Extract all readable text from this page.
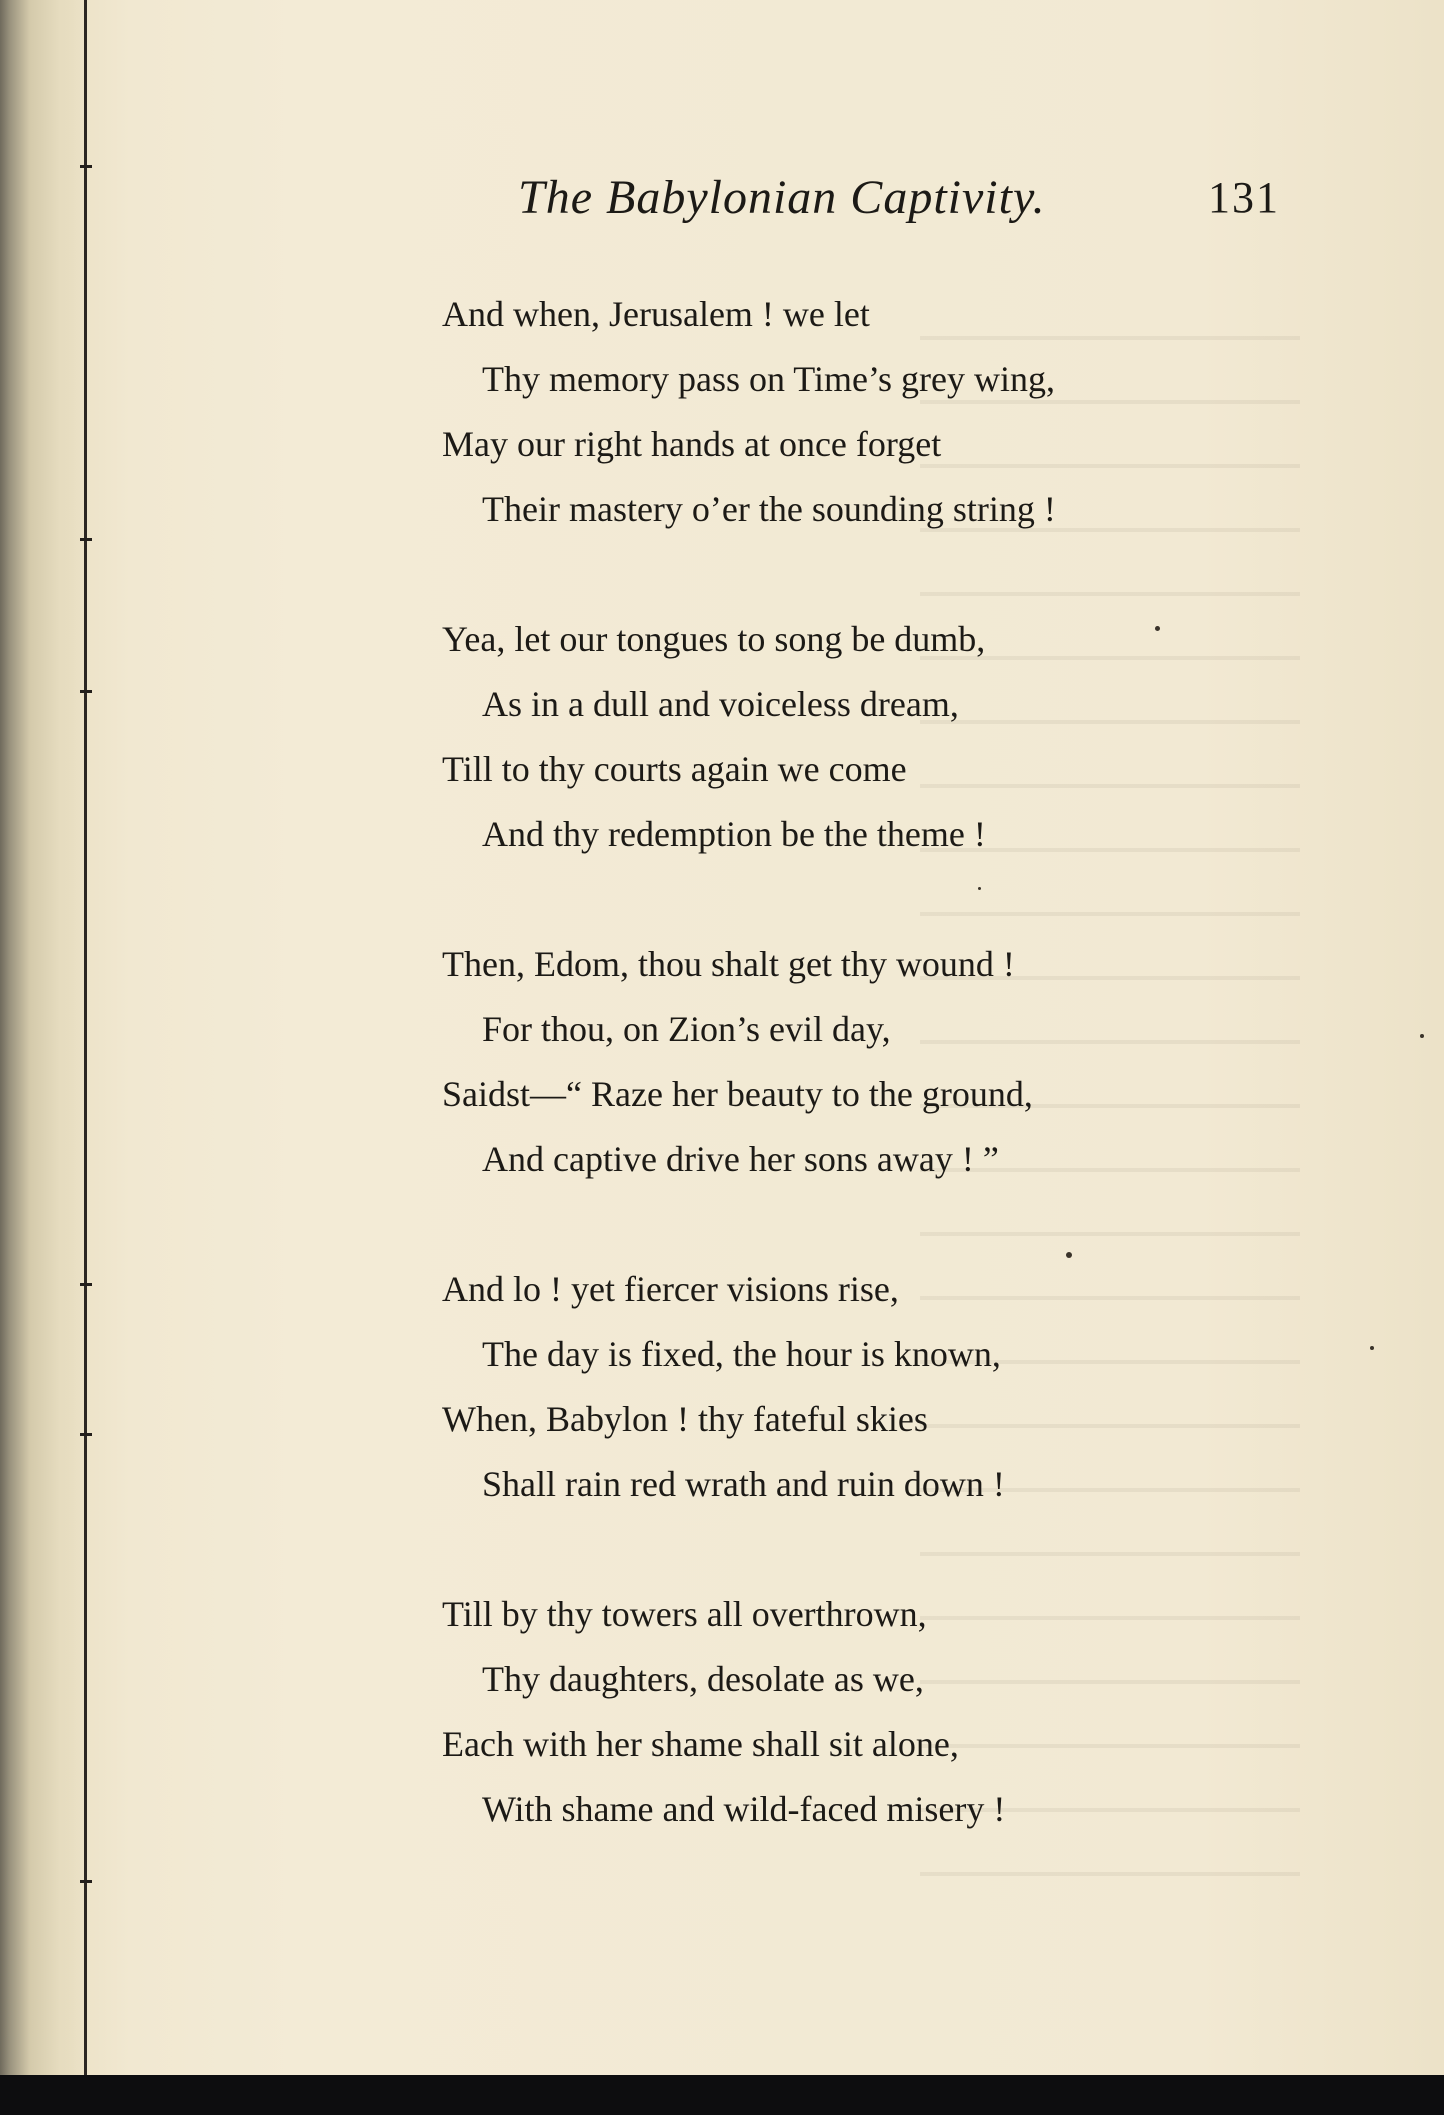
The Babylonian Captivity.	131
And when, Jerusalem ! we let
Thy memory pass on Time’s grey wing,
May our right hands at once forget
Their mastery o’er the sounding string !
Yea, let our tongues to song be dumb,
As in a dull and voiceless dream,
Till to thy courts again we come
And thy redemption be the theme !
Then, Edom, thou shalt get thy wound !
For thou, on Zion’s evil day,
Saidst—“ Raze her beauty to the ground,
And captive drive her sons away ! ”
And lo ! yet fiercer visions rise,
The day is fixed, the hour is known,
When, Babylon ! thy fateful skies
Shall rain red wrath and ruin down !
Till by thy towers all overthrown,
Thy daughters, desolate as we,
Each with her shame shall sit alone,
With shame and wild-faced misery !
